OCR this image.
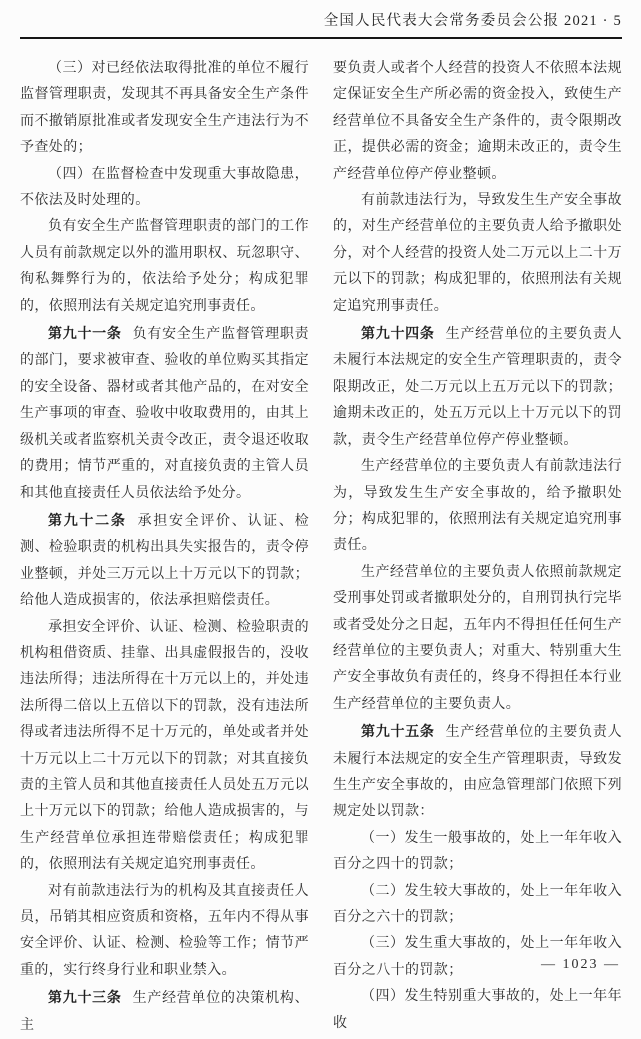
全国人民代表大会常务委员会公报 2021 · 5

（三）对已经依法取得批准的单位不履行监督管理职责，发现其不再具备安全生产条件而不撤销原批准或者发现安全生产违法行为不予查处的；

（四）在监督检查中发现重大事故隐患，不依法及时处理的。

负有安全生产监督管理职责的部门的工作人员有前款规定以外的滥用职权、玩忽职守、徇私舞弊行为的，依法给予处分；构成犯罪的，依照刑法有关规定追究刑事责任。

第九十一条 负有安全生产监督管理职责的部门，要求被审查、验收的单位购买其指定的安全设备、器材或者其他产品的，在对安全生产事项的审查、验收中收取费用的，由其上级机关或者监察机关责令改正，责令退还收取的费用；情节严重的，对直接负责的主管人员和其他直接责任人员依法给予处分。

第九十二条 承担安全评价、认证、检测、检验职责的机构出具失实报告的，责令停业整顿，并处三万元以上十万元以下的罚款；给他人造成损害的，依法承担赔偿责任。

承担安全评价、认证、检测、检验职责的机构租借资质、挂靠、出具虚假报告的，没收违法所得；违法所得在十万元以上的，并处违法所得二倍以上五倍以下的罚款，没有违法所得或者违法所得不足十万元的，单处或者并处十万元以上二十万元以下的罚款；对其直接负责的主管人员和其他直接责任人员处五万元以上十万元以下的罚款；给他人造成损害的，与生产经营单位承担连带赔偿责任；构成犯罪的，依照刑法有关规定追究刑事责任。

对有前款违法行为的机构及其直接责任人员，吊销其相应资质和资格，五年内不得从事安全评价、认证、检测、检验等工作；情节严重的，实行终身行业和职业禁入。

第九十三条 生产经营单位的决策机构、主

要负责人或者个人经营的投资人不依照本法规定保证安全生产所必需的资金投入，致使生产经营单位不具备安全生产条件的，责令限期改正，提供必需的资金；逾期未改正的，责令生产经营单位停产停业整顿。

有前款违法行为，导致发生生产安全事故的，对生产经营单位的主要负责人给予撤职处分，对个人经营的投资人处二万元以上二十万元以下的罚款；构成犯罪的，依照刑法有关规定追究刑事责任。

第九十四条 生产经营单位的主要负责人未履行本法规定的安全生产管理职责的，责令限期改正，处二万元以上五万元以下的罚款；逾期未改正的，处五万元以上十万元以下的罚款，责令生产经营单位停产停业整顿。

生产经营单位的主要负责人有前款违法行为，导致发生生产安全事故的，给予撤职处分；构成犯罪的，依照刑法有关规定追究刑事责任。

生产经营单位的主要负责人依照前款规定受刑事处罚或者撤职处分的，自刑罚执行完毕或者受处分之日起，五年内不得担任任何生产经营单位的主要负责人；对重大、特别重大生产安全事故负有责任的，终身不得担任本行业生产经营单位的主要负责人。

第九十五条 生产经营单位的主要负责人未履行本法规定的安全生产管理职责，导致发生生产安全事故的，由应急管理部门依照下列规定处以罚款：

（一）发生一般事故的，处上一年年收入百分之四十的罚款；

（二）发生较大事故的，处上一年年收入百分之六十的罚款；

（三）发生重大事故的，处上一年年收入百分之八十的罚款；

（四）发生特别重大事故的，处上一年年收

— 1023 —
